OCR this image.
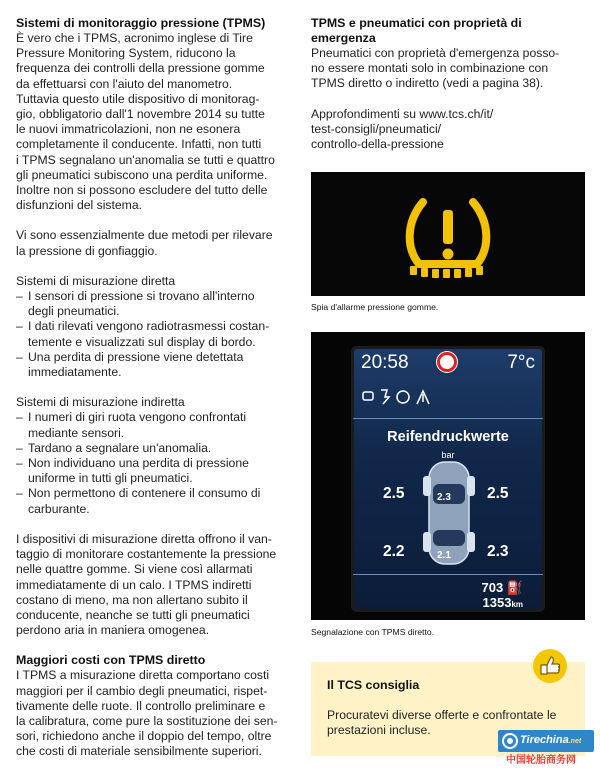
Sistemi di monitoraggio pressione (TPMS)

È vero che i TPMS, acronimo inglese di Tire
Pressure Monitoring System, riducono la
frequenza dei controlli della pressione gomme
da effettuarsi con l'aiuto del manometro.
Tuttavia questo utile dispositivo di monitorag-
gio, obbligatorio dall'1 novembre 2014 su tutte
le nuovi immatricolazioni, non ne esonera
completamente il conducente. Infatti, non tutti
i TPMS segnalano un'anomalia se tutti e quattro
gli pneumatici subiscono una perdita uniforme.
Inoltre non si possono escludere del tutto delle
disfunzioni del sistema.

Vi sono essenzialmente due metodi per rilevare
la pressione di gonfiaggio.

Sistemi di misurazione diretta

– I sensori di pressione si trovano all'interno
degli pneumatici.
– I dati rilevati vengono radiotrasmessi costan-
temente e visualizzati sul display di bordo.
– Una perdita di pressione viene detettata
immediatamente.

Sistemi di misurazione indiretta

– I numeri di giri ruota vengono confrontati
mediante sensori.
– Tardano a segnalare un'anomalia.
– Non individuano una perdita di pressione
uniforme in tutti gli pneumatici.
– Non permettono di contenere il consumo di
carburante.

I dispositivi di misurazione diretta offrono il van-
taggio di monitorare costantemente la pressione
nelle quattre gomme. Si viene così allarmati
immediatamente di un calo. I TPMS indiretti
costano di meno, ma non allertano subito il
conducente, neanche se tutti gli pneumatici
perdono aria in maniera omogenea.

Maggiori costi con TPMS diretto

I TPMS a misurazione diretta comportano costi
maggiori per il cambio degli pneumatici, rispet-
tivamente delle ruote. Il controllo preliminare e
la calibratura, come pure la sostituzione dei sen-
sori, richiedono anche il doppio del tempo, oltre
che costi di materiale sensibilmente superiori.

TPMS e pneumatici con proprietà di
emergenza

Pneumatici con proprietà d'emergenza posso-
no essere montati solo in combinazione con
TPMS diretto o indiretto (vedi a pagina 38).

Approfondimenti su www.tcs.ch/it/
test-consigli/pneumatici/
controllo-della-pressione

Spia d'allarme pressione gomme.
20:58	7°c
Reifendruckwerte
bar
2.5	2.5
2.2	2.3
2.3
2.1
703 ⛽
1353km
Segnalazione con TPMS diretto.
Il TCS consiglia
Procuratevi diverse offerte e confrontate le
prestazioni incluse.
Tirechina.net
中国轮胎商务网
